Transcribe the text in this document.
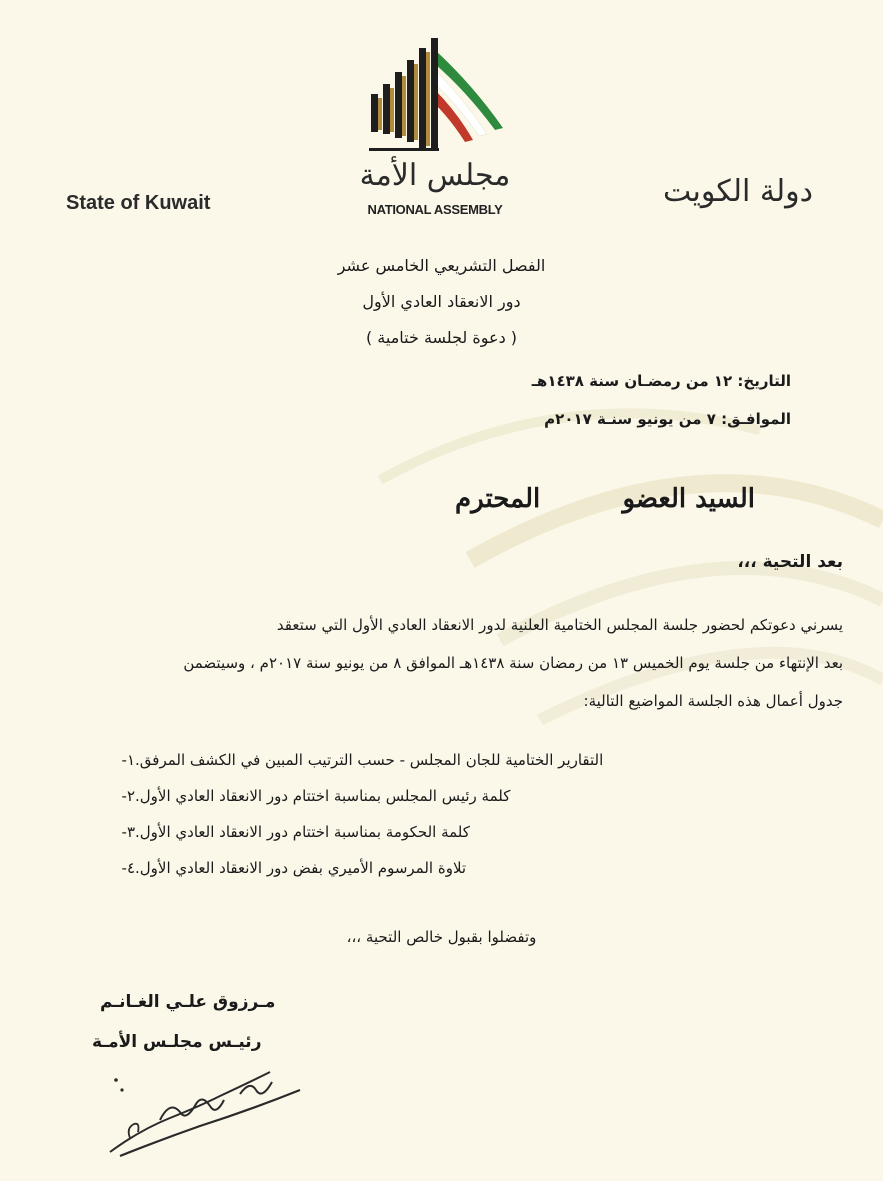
مجلس الأمة
NATIONAL ASSEMBLY
State of Kuwait	دولة الكويت
الفصل التشريعي الخامس عشر
دور الانعقاد العادي الأول
( دعوة لجلسة ختامية )
التاريخ: ١٢ من رمضـان سنة ١٤٣٨هـ
الموافـق: ٧ من يونيو سنـة ٢٠١٧م
السيد العضو
المحترم
بعد التحية ،،،
يسرني دعوتكم لحضور جلسة المجلس الختامية العلنية لدور الانعقاد العادي الأول التي ستعقد
بعد الإنتهاء من جلسة يوم الخميس ١٣ من رمضان سنة ١٤٣٨هـ الموافق ٨ من يونيو سنة ٢٠١٧م ، وسيتضمن
جدول أعمال هذه الجلسة المواضيع التالية:
١- التقارير الختامية للجان المجلس - حسب الترتيب المبين في الكشف المرفق.
٢- كلمة رئيس المجلس بمناسبة اختتام دور الانعقاد العادي الأول.
٣- كلمة الحكومة بمناسبة اختتام دور الانعقاد العادي الأول.
٤- تلاوة المرسوم الأميري بفض دور الانعقاد العادي الأول.
وتفضلوا بقبول خالص التحية ،،،
مـرزوق علـي الغـانـم
رئيـس مجلـس الأمـة
